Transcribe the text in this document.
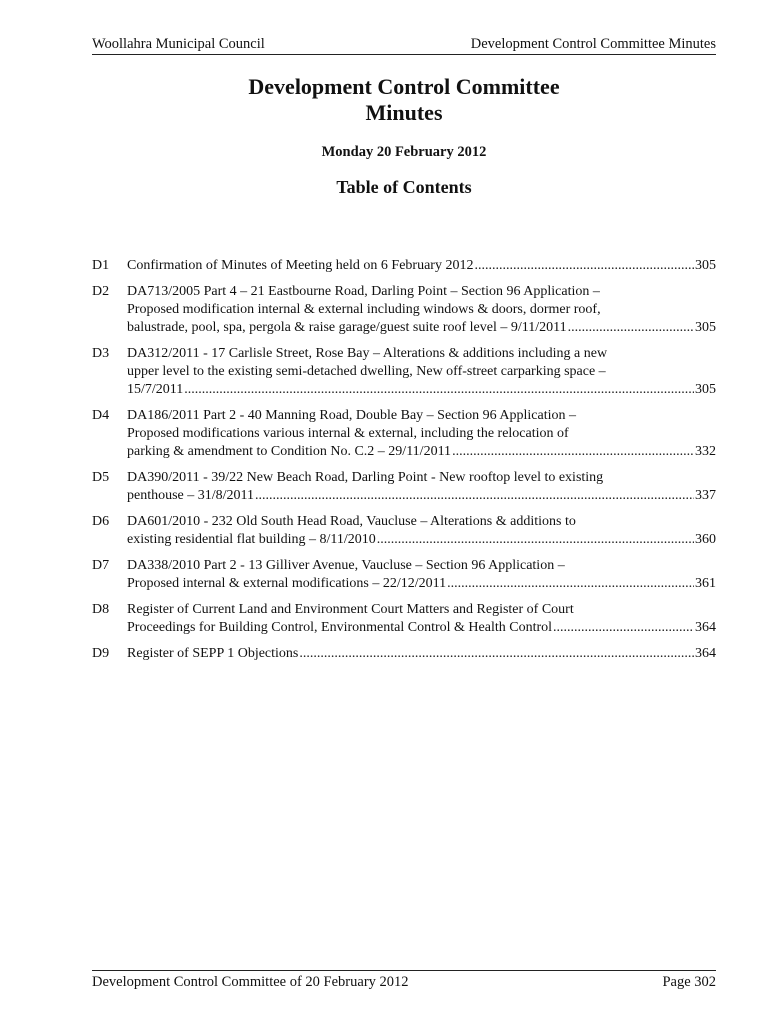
Woollahra Municipal Council	Development Control Committee Minutes
Development Control Committee
Minutes
Monday 20 February 2012
Table of Contents
D1 Confirmation of Minutes of Meeting held on 6 February 2012 .....	305
D2 DA713/2005 Part 4 – 21 Eastbourne Road, Darling Point – Section 96 Application –
Proposed modification internal & external including windows & doors, dormer roof,
balustrade, pool, spa, pergola & raise garage/guest suite roof level – 9/11/2011 .....	305
D3 DA312/2011 - 17 Carlisle Street, Rose Bay – Alterations & additions including a new
upper level to the existing semi-detached dwelling, New off-street carparking space –
15/7/2011 .....	305
D4 DA186/2011 Part 2 - 40 Manning Road, Double Bay – Section 96 Application –
Proposed modifications various internal & external, including the relocation of
parking & amendment to Condition No. C.2 – 29/11/2011 .....	332
D5 DA390/2011 - 39/22 New Beach Road, Darling Point - New rooftop level to existing
penthouse – 31/8/2011 .....	337
D6 DA601/2010 - 232 Old South Head Road, Vaucluse – Alterations & additions to
existing residential flat building – 8/11/2010 .....	360
D7 DA338/2010 Part 2 - 13 Gilliver Avenue, Vaucluse – Section 96 Application –
Proposed internal & external modifications – 22/12/2011 .....	361
D8 Register of Current Land and Environment Court Matters and Register of Court
Proceedings for Building Control, Environmental Control & Health Control .....	364
D9 Register of SEPP 1 Objections .....	364
Development Control Committee of 20 February 2012	Page 302
